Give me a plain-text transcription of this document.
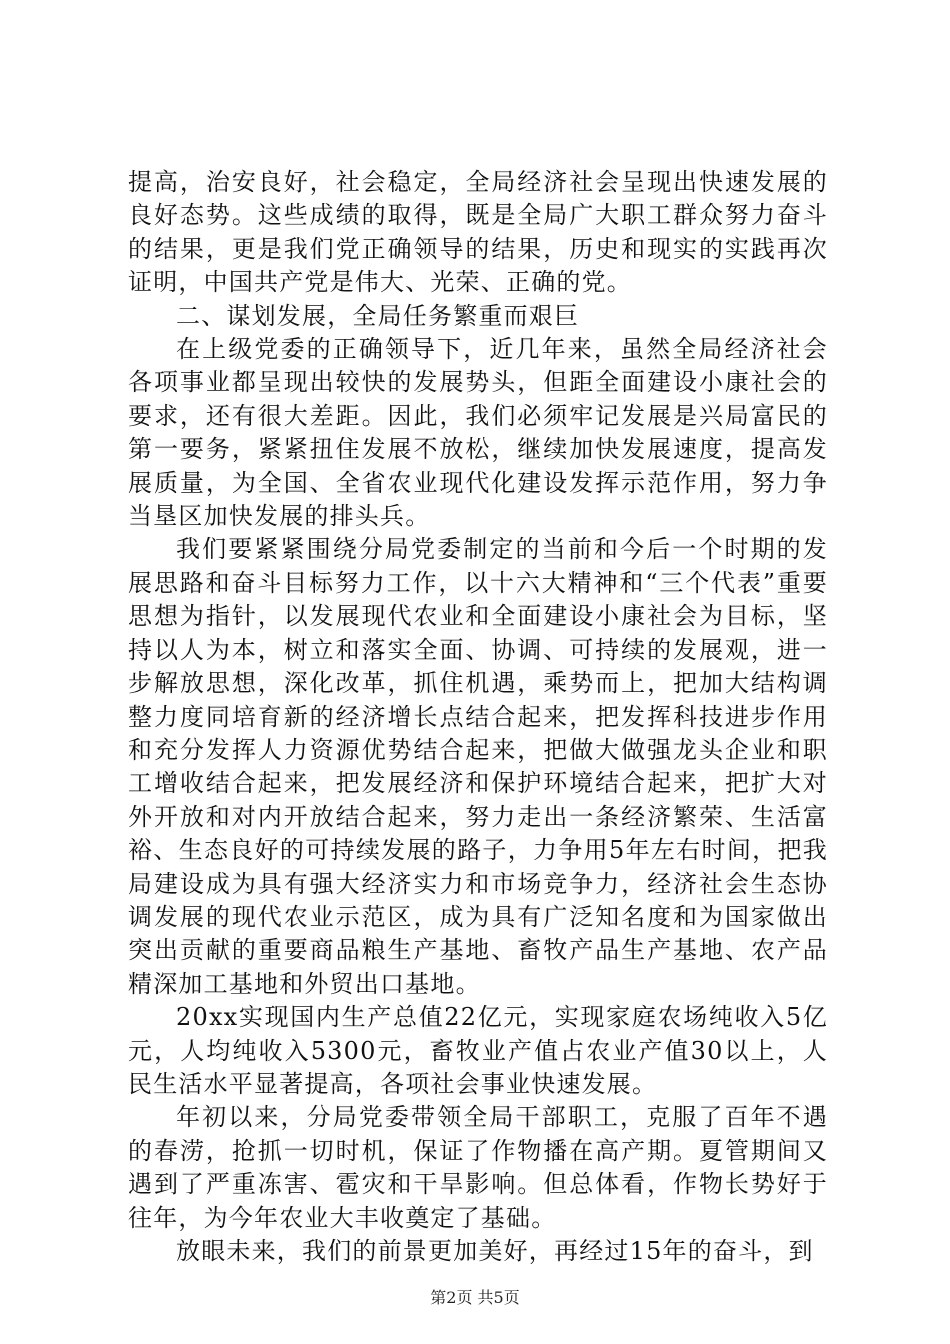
提高，治安良好，社会稳定，全局经济社会呈现出快速发展的良好态势。这些成绩的取得，既是全局广大职工群众努力奋斗的结果，更是我们党正确领导的结果，历史和现实的实践再次证明，中国共产党是伟大、光荣、正确的党。

二、谋划发展，全局任务繁重而艰巨

在上级党委的正确领导下，近几年来，虽然全局经济社会各项事业都呈现出较快的发展势头，但距全面建设小康社会的要求，还有很大差距。因此，我们必须牢记发展是兴局富民的第一要务，紧紧扭住发展不放松，继续加快发展速度，提高发展质量，为全国、全省农业现代化建设发挥示范作用，努力争当垦区加快发展的排头兵。

我们要紧紧围绕分局党委制定的当前和今后一个时期的发展思路和奋斗目标努力工作，以十六大精神和“三个代表”重要思想为指针，以发展现代农业和全面建设小康社会为目标，坚持以人为本，树立和落实全面、协调、可持续的发展观，进一步解放思想，深化改革，抓住机遇，乘势而上，把加大结构调整力度同培育新的经济增长点结合起来，把发挥科技进步作用和充分发挥人力资源优势结合起来，把做大做强龙头企业和职工增收结合起来，把发展经济和保护环境结合起来，把扩大对外开放和对内开放结合起来，努力走出一条经济繁荣、生活富裕、生态良好的可持续发展的路子，力争用5年左右时间，把我局建设成为具有强大经济实力和市场竞争力，经济社会生态协调发展的现代农业示范区，成为具有广泛知名度和为国家做出突出贡献的重要商品粮生产基地、畜牧产品生产基地、农产品精深加工基地和外贸出口基地。

20xx实现国内生产总值22亿元，实现家庭农场纯收入5亿元，人均纯收入5300元，畜牧业产值占农业产值30以上，人民生活水平显著提高，各项社会事业快速发展。

年初以来，分局党委带领全局干部职工，克服了百年不遇的春涝，抢抓一切时机，保证了作物播在高产期。夏管期间又遇到了严重冻害、雹灾和干旱影响。但总体看，作物长势好于往年，为今年农业大丰收奠定了基础。

放眼未来，我们的前景更加美好，再经过15年的奋斗，到

第2页 共5页
